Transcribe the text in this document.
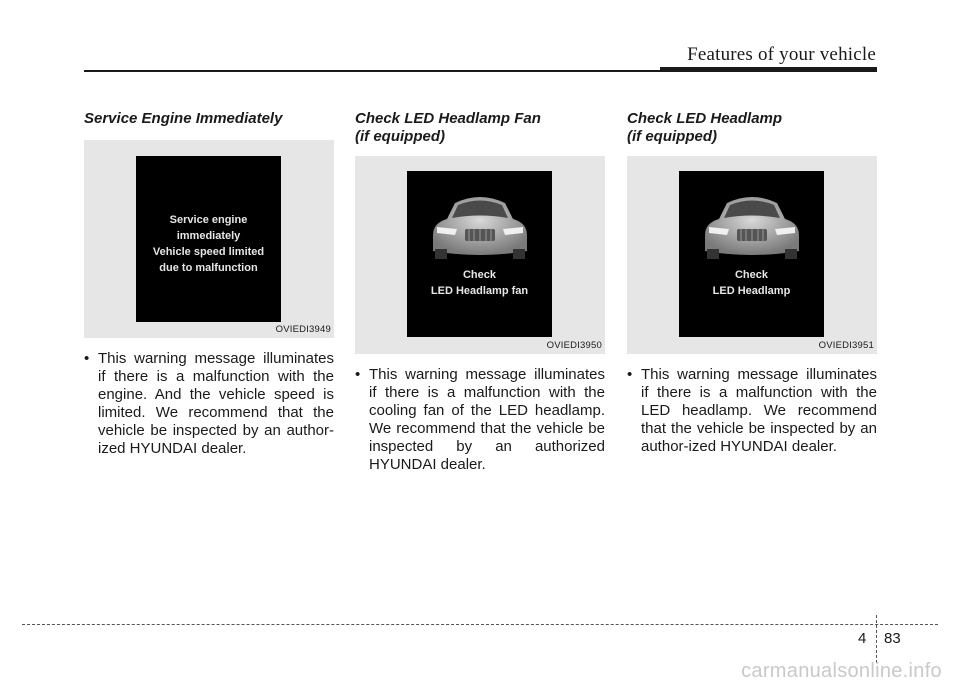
Features of your vehicle
Service Engine Immediately
Service engine
immediately
Vehicle speed limited
due to malfunction
OVIEDI3949

• This warning message illuminates if there is a malfunction with the engine. And the vehicle speed is limited. We recommend that the vehicle be inspected by an author-ized HYUNDAI dealer.

Check LED Headlamp Fan
(if equipped)
Check
LED Headlamp fan
OVIEDI3950

• This warning message illuminates if there is a malfunction with the cooling fan of the LED headlamp. We recommend that the vehicle be inspected by an authorized HYUNDAI dealer.

Check LED Headlamp
(if equipped)
Check
LED Headlamp
OVIEDI3951

• This warning message illuminates if there is a malfunction with the LED headlamp. We recommend that the vehicle be inspected by an author-ized HYUNDAI dealer.

4 83
carmanualsonline.info
